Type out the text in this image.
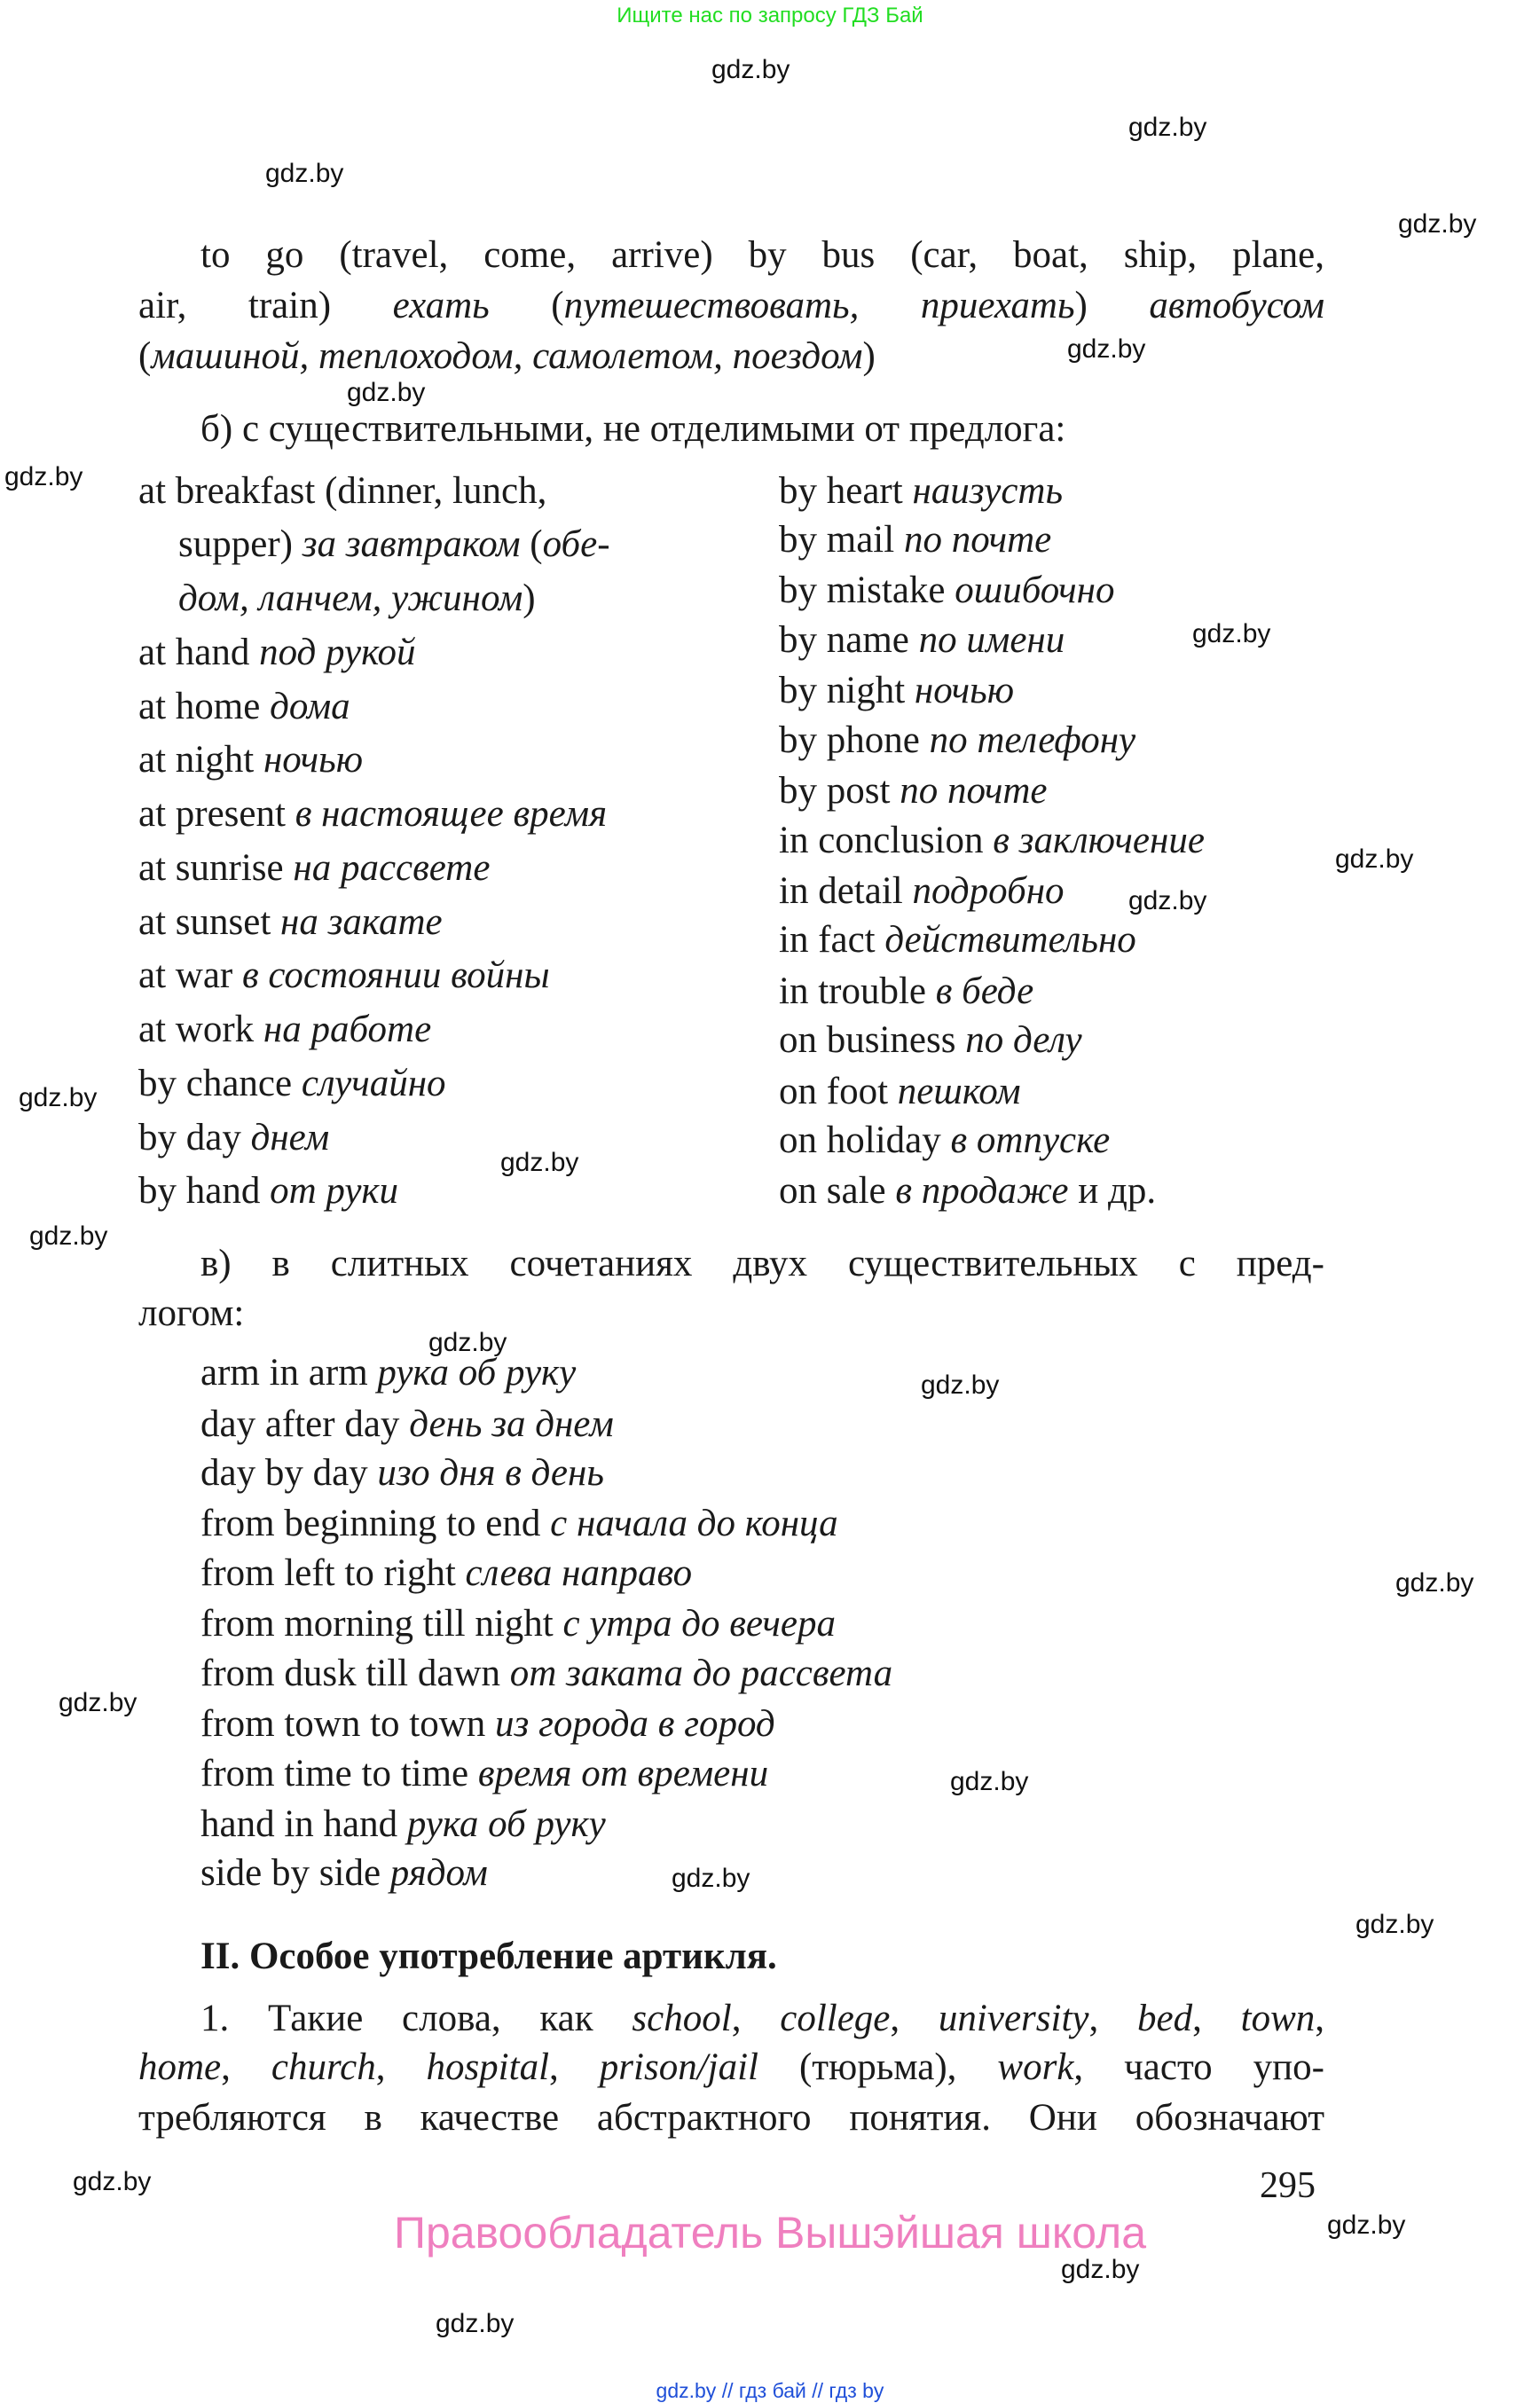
Ищите нас по запросу ГДЗ Бай
gdz.by
gdz.by
gdz.by
gdz.by
gdz.by
gdz.by
gdz.by
gdz.by
gdz.by
gdz.by
gdz.by
gdz.by
gdz.by
gdz.by
gdz.by
gdz.by
gdz.by
gdz.by
gdz.by
gdz.by
gdz.by
gdz.by
gdz.by
gdz.by
to go (travel, come, arrive) by bus (car, boat, ship, plane,
air, train) ехать (путешествовать, приехать) автобусом
(машиной, теплоходом, самолетом, поездом)
б) с существительными, не отделимыми от предлога:
at breakfast (dinner, lunch,
supper) за завтраком (обе-
дом, ланчем, ужином)
at hand под рукой
at home дома
at night ночью
at present в настоящее время
at sunrise на рассвете
at sunset на закате
at war в состоянии войны
at work на работе
by chance случайно
by day днем
by hand от руки
by heart наизусть
by mail по почте
by mistake ошибочно
by name по имени
by night ночью
by phone по телефону
by post по почте
in conclusion в заключение
in detail подробно
in fact действительно
in trouble в беде
on business по делу
on foot пешком
on holiday в отпуске
on sale в продаже и др.
в) в слитных сочетаниях двух существительных с пред-
логом:
arm in arm рука об руку
day after day день за днем
day by day изо дня в день
from beginning to end с начала до конца
from left to right слева направо
from morning till night с утра до вечера
from dusk till dawn от заката до рассвета
from town to town из города в город
from time to time время от времени
hand in hand рука об руку
side by side рядом
II. Особое употребление артикля.
1. Такие слова, как school, college, university, bed, town,
home, church, hospital, prison/jail (тюрьма), work, часто упо-
требляются в качестве абстрактного понятия. Они обозначают
295
Правообладатель Вышэйшая школа
gdz.by // гдз бай // гдз by
